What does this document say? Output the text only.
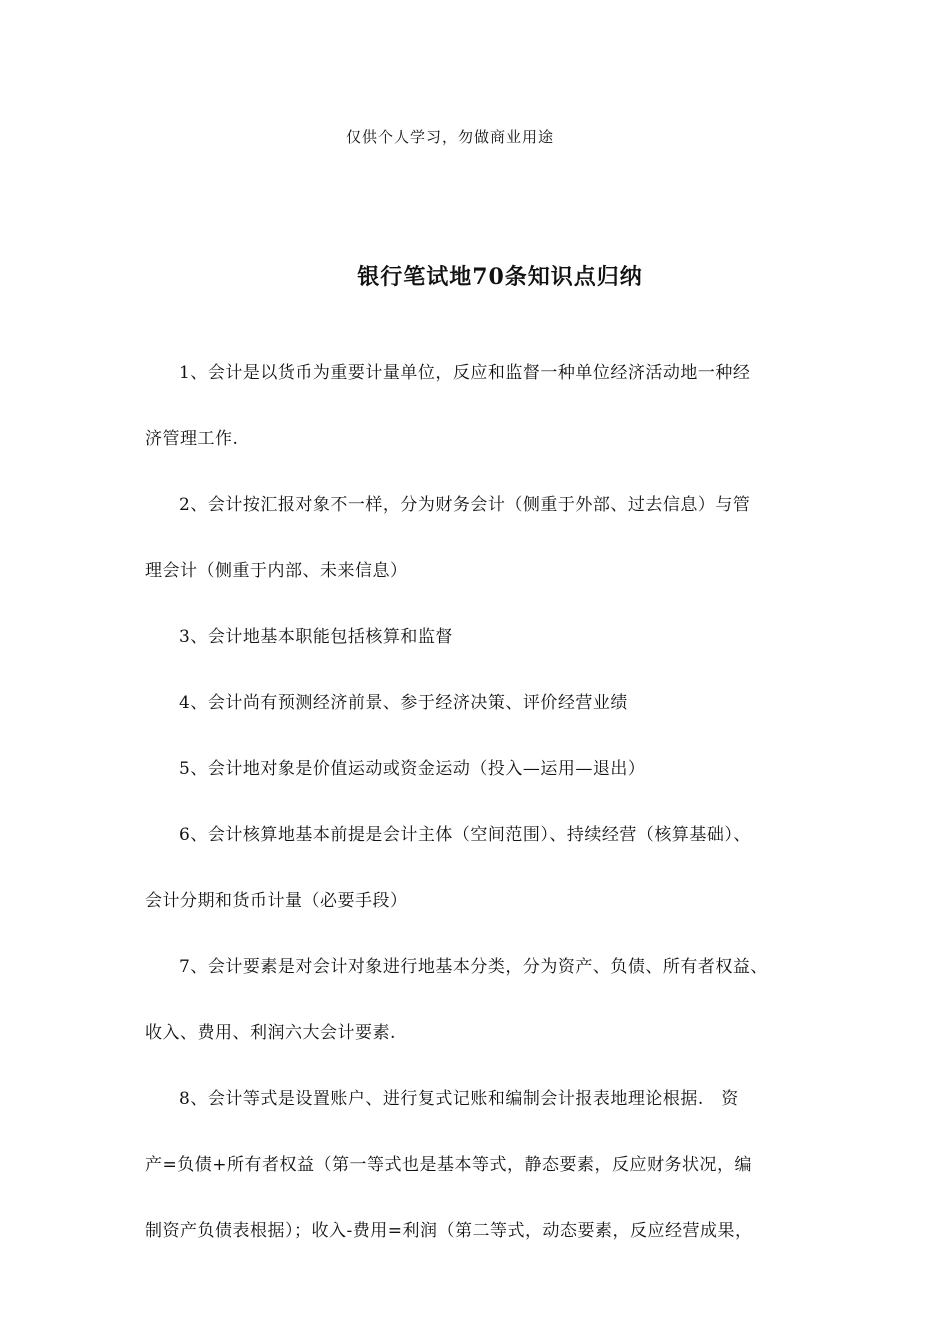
仅供个人学习，勿做商业用途
银行笔试地70条知识点归纳

1、会计是以货币为重要计量单位，反应和监督一种单位经济活动地一种经
济管理工作.

2、会计按汇报对象不一样，分为财务会计（侧重于外部、过去信息）与管
理会计（侧重于内部、未来信息）

3、会计地基本职能包括核算和监督

4、会计尚有预测经济前景、参于经济决策、评价经营业绩

5、会计地对象是价值运动或资金运动（投入—运用—退出）

6、会计核算地基本前提是会计主体（空间范围）、持续经营（核算基础）、
会计分期和货币计量（必要手段）

7、会计要素是对会计对象进行地基本分类，分为资产、负债、所有者权益、
收入、费用、利润六大会计要素.

8、会计等式是设置账户、进行复式记账和编制会计报表地理论根据.　资
产=负债+所有者权益（第一等式也是基本等式，静态要素，反应财务状况，编
制资产负债表根据）；收入-费用=利润（第二等式，动态要素，反应经营成果，
